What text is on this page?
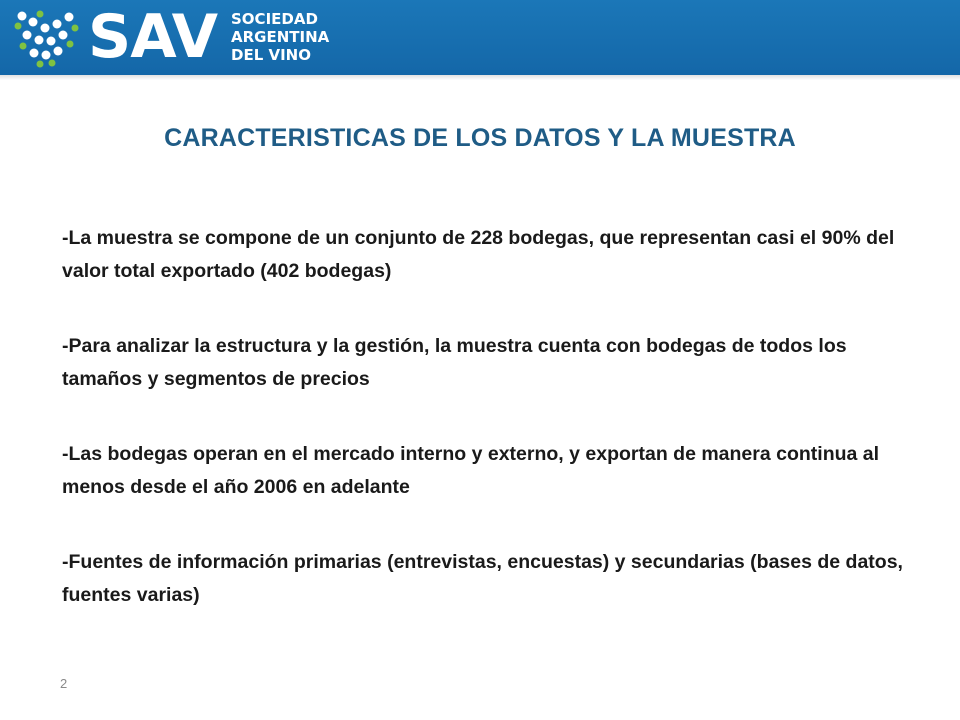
SAV SOCIEDAD
ARGENTINA
DEL VINO
CARACTERISTICAS DE LOS DATOS Y LA MUESTRA

-La muestra se compone de un conjunto de 228 bodegas, que representan casi el 90% del valor total exportado (402 bodegas)

-Para analizar la estructura y la gestión, la muestra cuenta con bodegas de todos los tamaños y segmentos de precios

-Las bodegas operan en el mercado interno y externo, y exportan de manera continua al menos desde el año 2006 en adelante

-Fuentes de información primarias (entrevistas, encuestas) y secundarias (bases de datos, fuentes varias)

2
